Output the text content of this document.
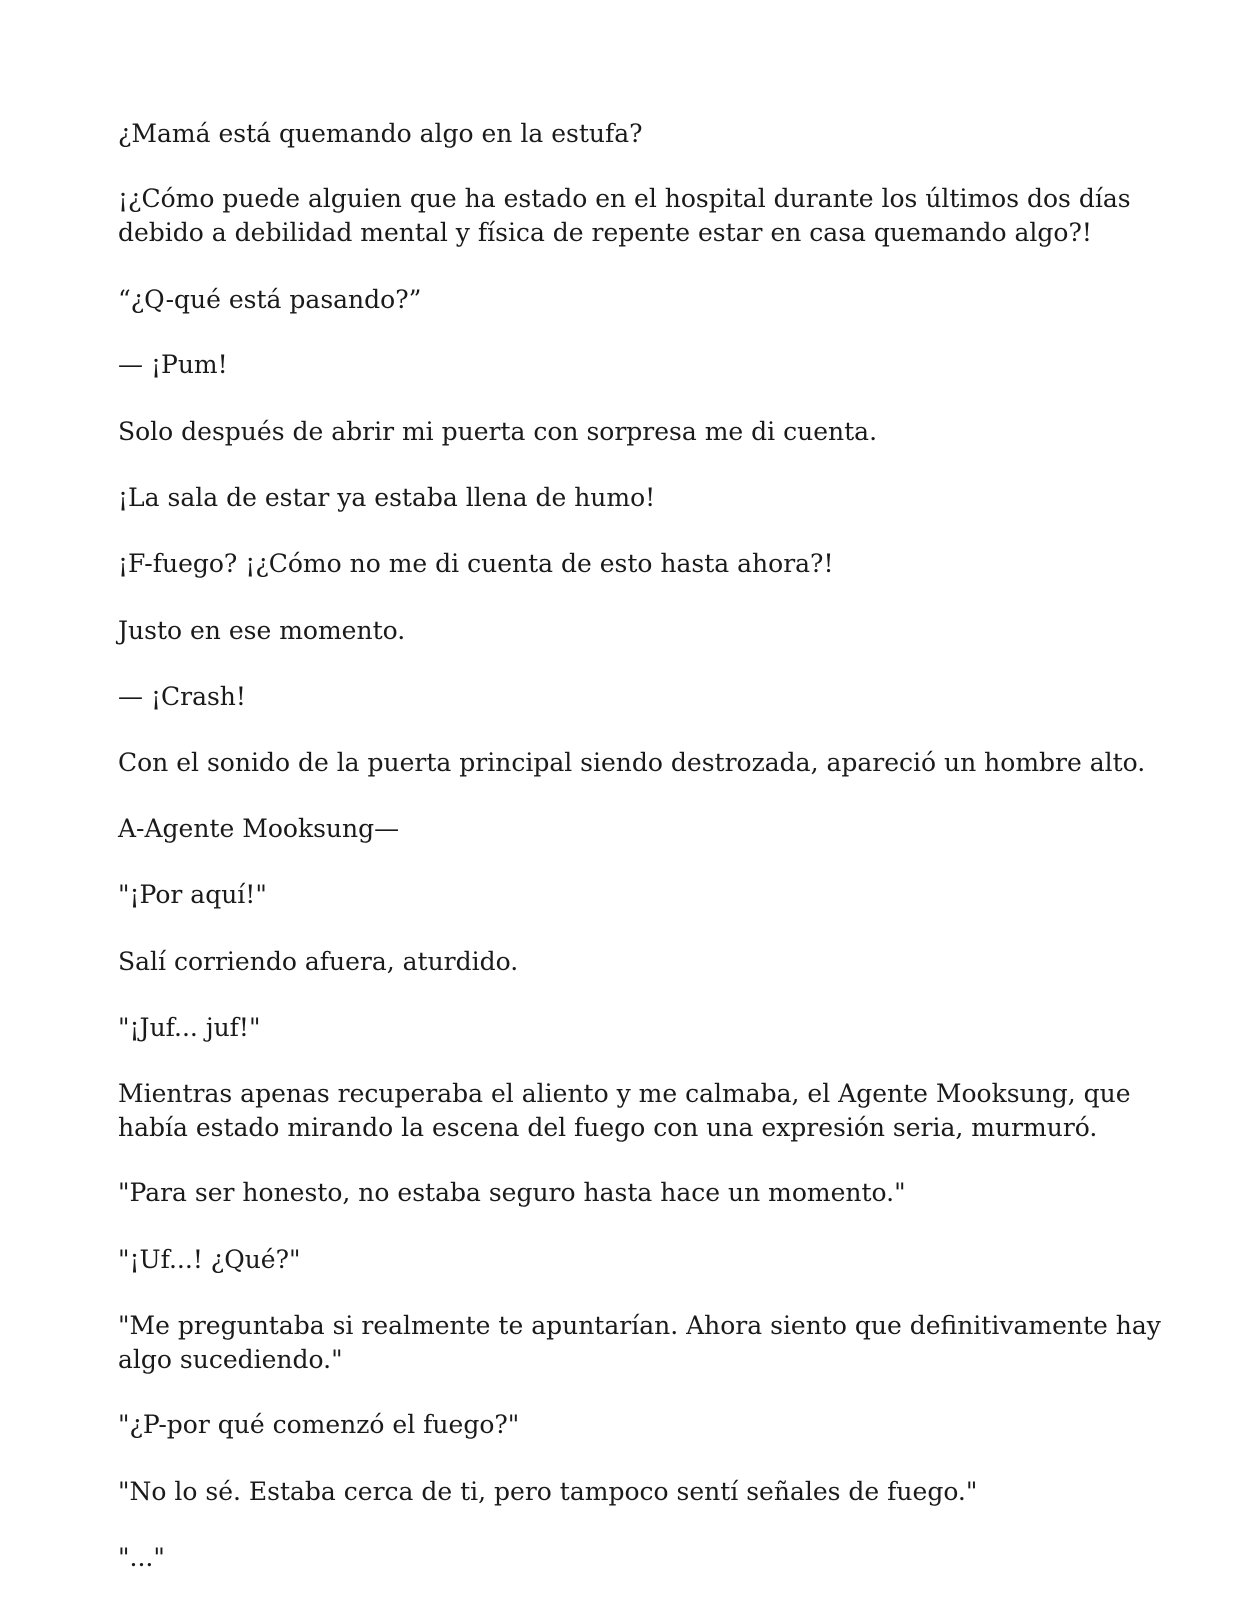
¿Mamá está quemando algo en la estufa?

¡¿Cómo puede alguien que ha estado en el hospital durante los últimos dos días
debido a debilidad mental y física de repente estar en casa quemando algo?!

“¿Q-qué está pasando?”

— ¡Pum!

Solo después de abrir mi puerta con sorpresa me di cuenta.

¡La sala de estar ya estaba llena de humo!

¡F-fuego? ¡¿Cómo no me di cuenta de esto hasta ahora?!

Justo en ese momento.

— ¡Crash!

Con el sonido de la puerta principal siendo destrozada, apareció un hombre alto.

A-Agente Mooksung—

"¡Por aquí!"

Salí corriendo afuera, aturdido.

"¡Juf... juf!"

Mientras apenas recuperaba el aliento y me calmaba, el Agente Mooksung, que
había estado mirando la escena del fuego con una expresión seria, murmuró.

"Para ser honesto, no estaba seguro hasta hace un momento."

"¡Uf...! ¿Qué?"

"Me preguntaba si realmente te apuntarían. Ahora siento que definitivamente hay
algo sucediendo."

"¿P-por qué comenzó el fuego?"

"No lo sé. Estaba cerca de ti, pero tampoco sentí señales de fuego."

"..."
